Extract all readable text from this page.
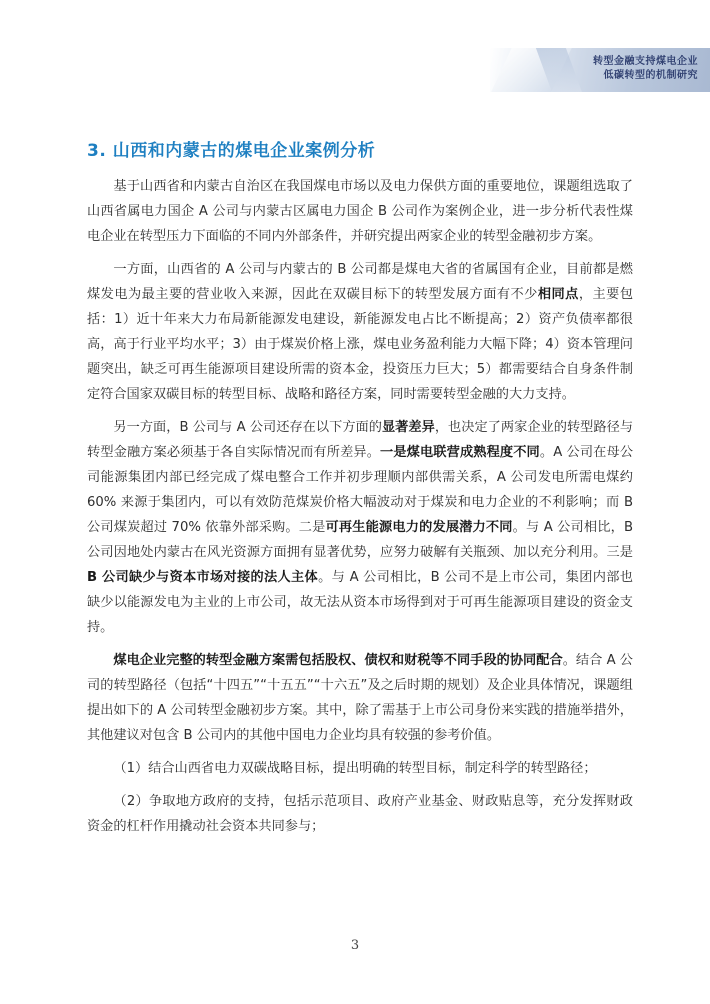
转型金融支持煤电企业
低碳转型的机制研究
3. 山西和内蒙古的煤电企业案例分析

基于山西省和内蒙古自治区在我国煤电市场以及电力保供方面的重要地位，课题组选取了山西省属电力国企 A 公司与内蒙古区属电力国企 B 公司作为案例企业，进一步分析代表性煤电企业在转型压力下面临的不同内外部条件，并研究提出两家企业的转型金融初步方案。

一方面，山西省的 A 公司与内蒙古的 B 公司都是煤电大省的省属国有企业，目前都是燃煤发电为最主要的营业收入来源，因此在双碳目标下的转型发展方面有不少相同点，主要包括：1）近十年来大力布局新能源发电建设，新能源发电占比不断提高；2）资产负债率都很高，高于行业平均水平；3）由于煤炭价格上涨，煤电业务盈利能力大幅下降；4）资本管理问题突出，缺乏可再生能源项目建设所需的资本金，投资压力巨大；5）都需要结合自身条件制定符合国家双碳目标的转型目标、战略和路径方案，同时需要转型金融的大力支持。

另一方面，B 公司与 A 公司还存在以下方面的显著差异，也决定了两家企业的转型路径与转型金融方案必须基于各自实际情况而有所差异。一是煤电联营成熟程度不同。A 公司在母公司能源集团内部已经完成了煤电整合工作并初步理顺内部供需关系，A 公司发电所需电煤约 60% 来源于集团内，可以有效防范煤炭价格大幅波动对于煤炭和电力企业的不利影响；而 B 公司煤炭超过 70% 依靠外部采购。二是可再生能源电力的发展潜力不同。与 A 公司相比，B 公司因地处内蒙古在风光资源方面拥有显著优势，应努力破解有关瓶颈、加以充分利用。三是B 公司缺少与资本市场对接的法人主体。与 A 公司相比，B 公司不是上市公司，集团内部也缺少以能源发电为主业的上市公司，故无法从资本市场得到对于可再生能源项目建设的资金支持。

煤电企业完整的转型金融方案需包括股权、债权和财税等不同手段的协同配合。结合 A 公司的转型路径（包括“十四五”“十五五”“十六五”及之后时期的规划）及企业具体情况，课题组提出如下的 A 公司转型金融初步方案。其中，除了需基于上市公司身份来实践的措施举措外，其他建议对包含 B 公司内的其他中国电力企业均具有较强的参考价值。

（1）结合山西省电力双碳战略目标，提出明确的转型目标，制定科学的转型路径；

（2）争取地方政府的支持，包括示范项目、政府产业基金、财政贴息等，充分发挥财政资金的杠杆作用撬动社会资本共同参与；

3
